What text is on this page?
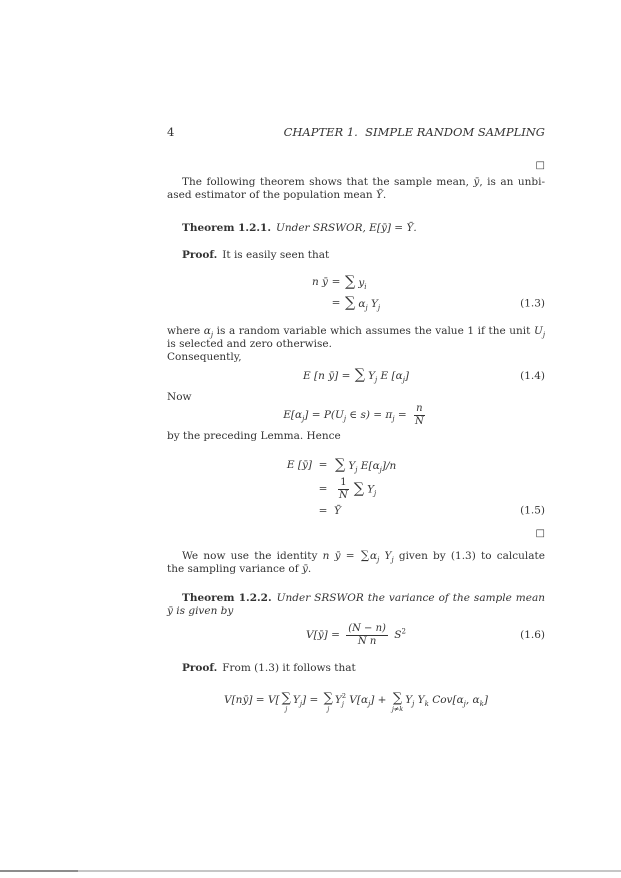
4	CHAPTER 1.  SIMPLE RANDOM SAMPLING
□
The following theorem shows that the sample mean, ȳ, is an unbi-
ased estimator of the population mean Ȳ.
Theorem 1.2.1. Under SRSWOR, E[ȳ] = Ȳ.
Proof. It is easily seen that
n ȳ = ∑ $y_i$
= ∑ $\alpha_j$ $Y_j$	(1.3)
where $\alpha_j$ is a random variable which assumes the value 1 if the unit $U_j$
is selected and zero otherwise.
Consequently,
E [n ȳ] = ∑ $Y_j$ E $[\alpha_j]$	(1.4)
Now
$E[\alpha_j] = P(U_j$ ∈ $s) = \pi_j = \frac{n}{N}$
by the preceding Lemma. Hence
E [ȳ] = ∑ $Y_j$ $E[\alpha_j]/n$
= $\frac{1}{N}$ ∑ $Y_j$
= Ȳ	(1.5)
□
We now use the identity n ȳ = $\sum\alpha_j$ $Y_j$ given by (1.3) to calculate
the sampling variance of ȳ.
Theorem 1.2.2. Under SRSWOR the variance of the sample mean
ȳ is given by
V[ȳ] = $\frac{(N - n)}{\text{N n}} S^2$	(1.6)
Proof. From (1.3) it follows that
V[nȳ] = V[ ∑
j
$Y_j$] = ∑
j
Y 2
j $V[\alpha_j]$ + ∑
j≠k
$Y_j$ $Y_k$ $Cov[\alpha_j$, $\alpha_k$]
